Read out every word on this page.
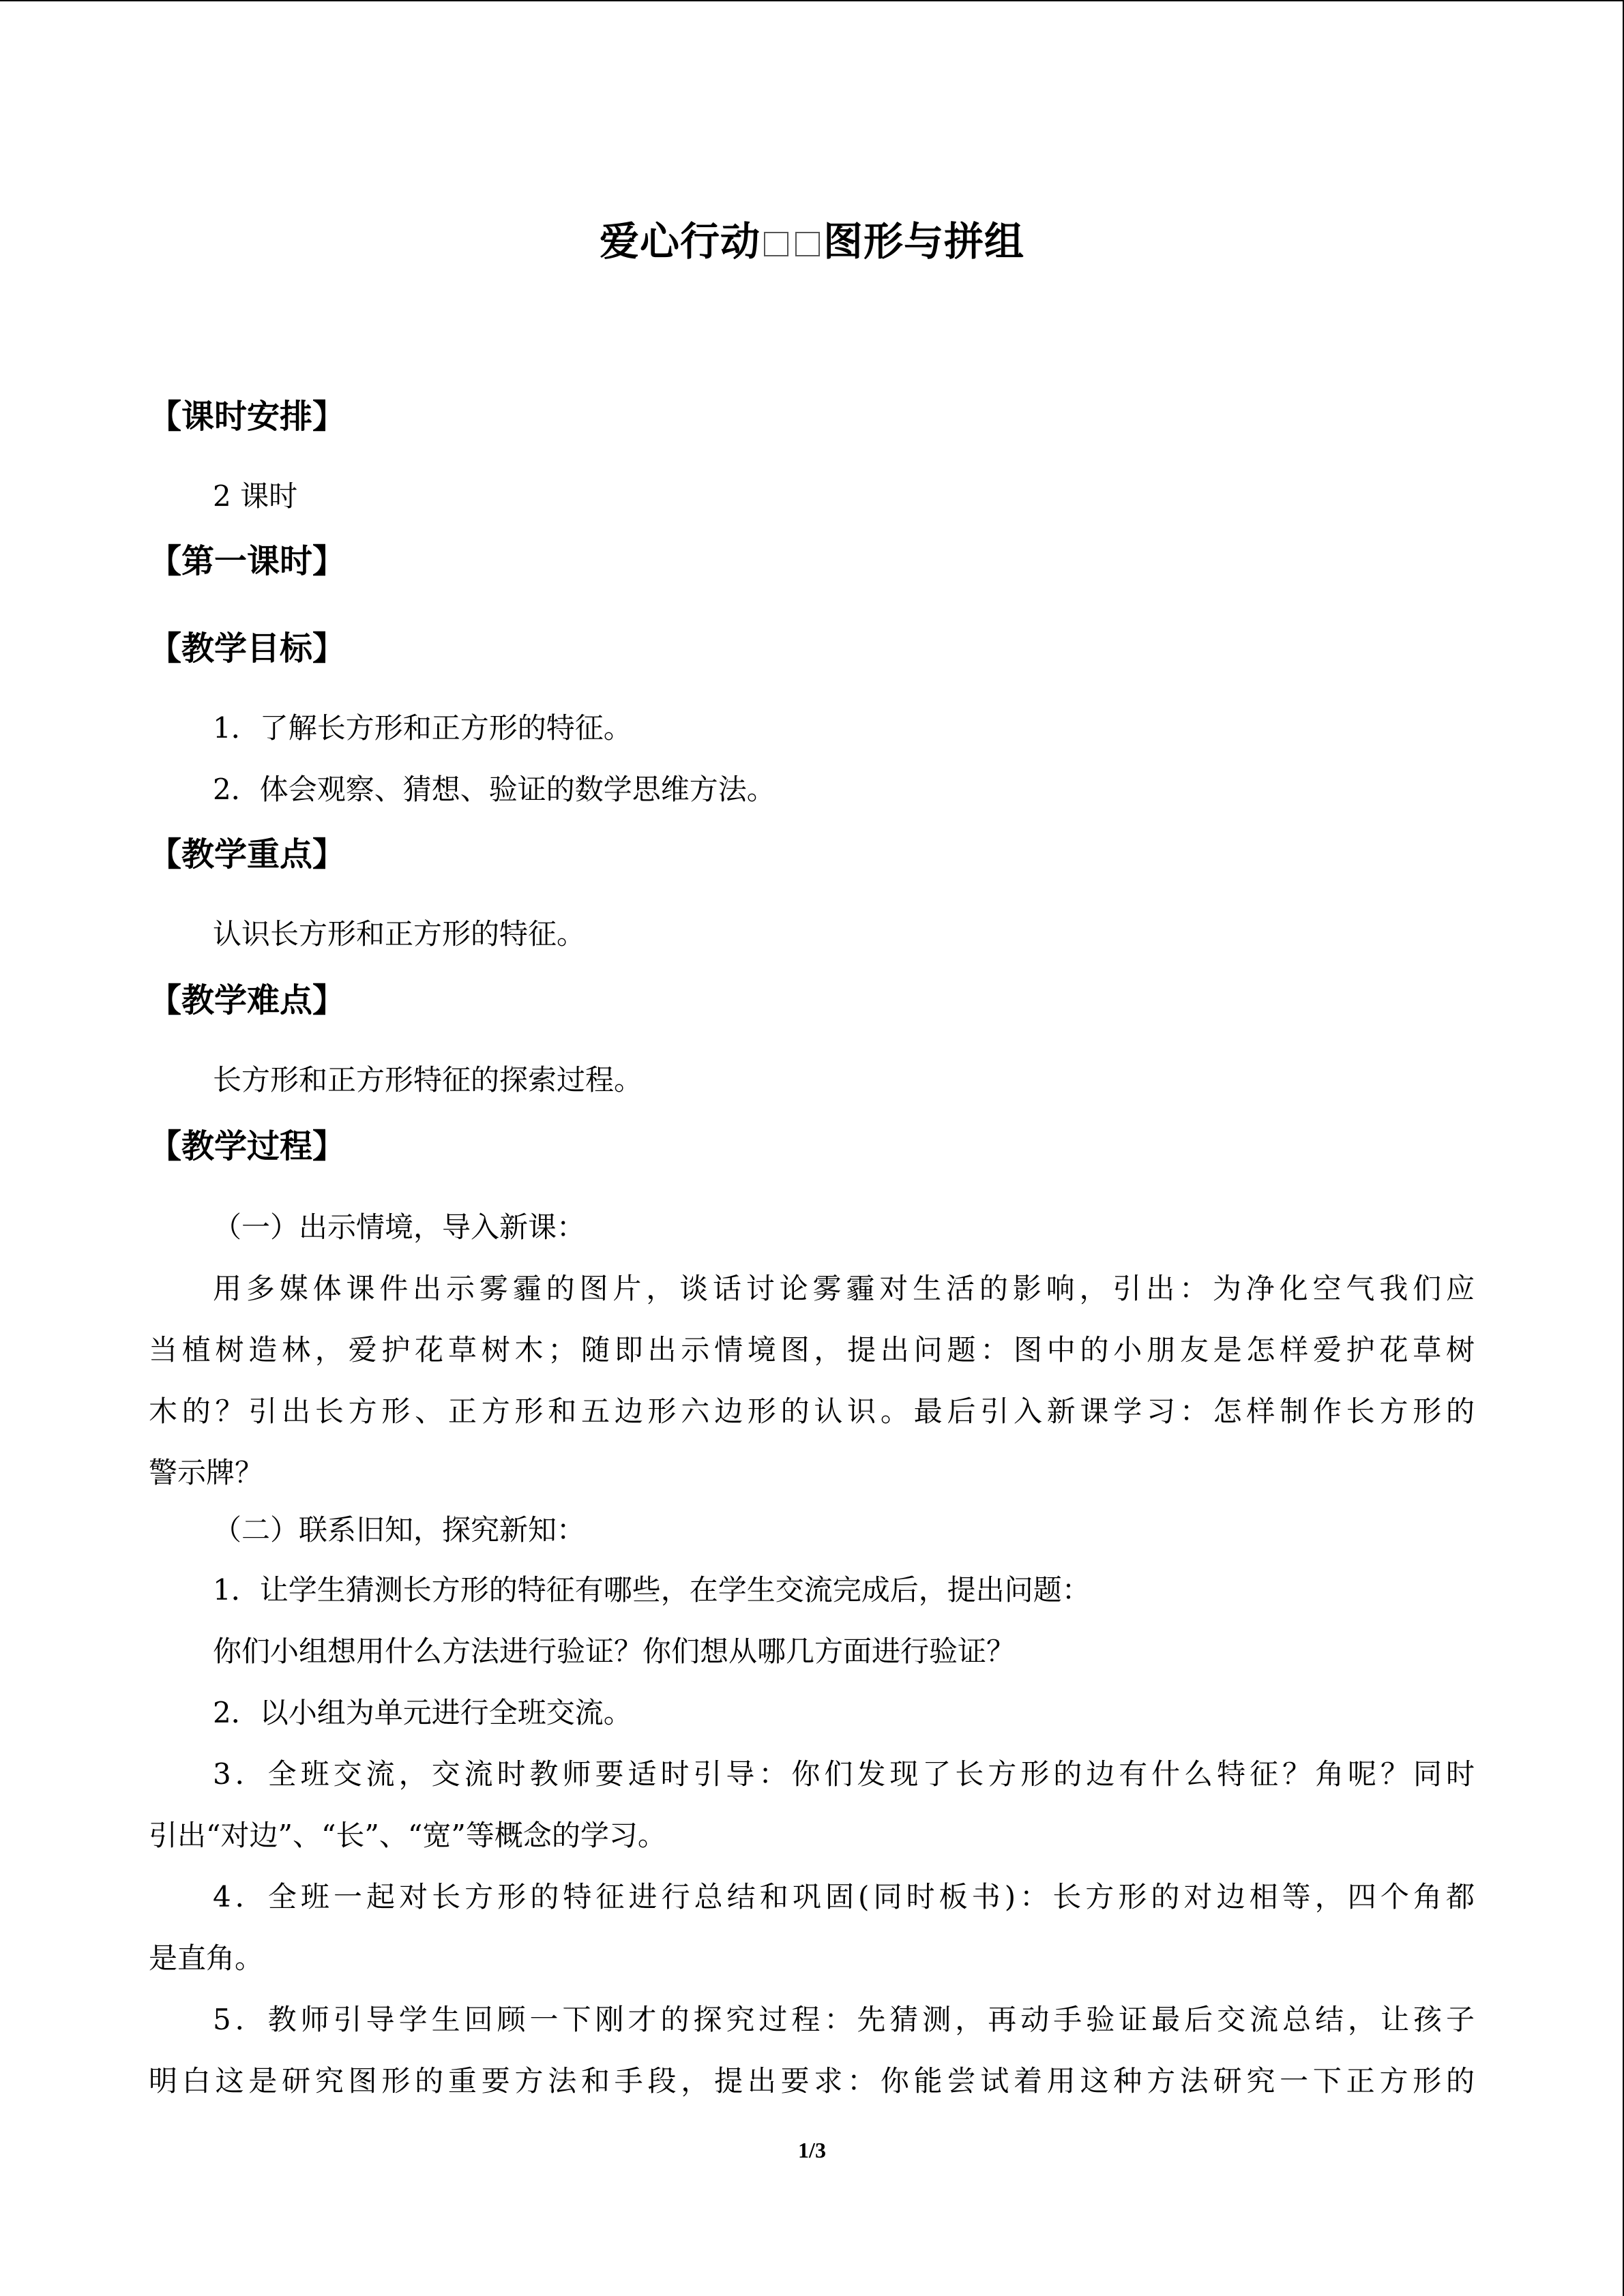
爱心行动 图形与拼组
【课时安排】
2 课时
【第一课时】
【教学目标】
1．了解长方形和正方形的特征。
2．体会观察、猜想、验证的数学思维方法。
【教学重点】
认识长方形和正方形的特征。
【教学难点】
长方形和正方形特征的探索过程。
【教学过程】
（一）出示情境，导入新课：
用多媒体课件出示雾霾的图片，谈话讨论雾霾对生活的影响，引出：为净化空气我们应
当植树造林，爱护花草树木；随即出示情境图，提出问题：图中的小朋友是怎样爱护花草树
木的？引出长方形、正方形和五边形六边形的认识。最后引入新课学习：怎样制作长方形的
警示牌？
（二）联系旧知，探究新知：
1．让学生猜测长方形的特征有哪些，在学生交流完成后，提出问题：
你们小组想用什么方法进行验证？你们想从哪几方面进行验证？
2．以小组为单元进行全班交流。
3．全班交流，交流时教师要适时引导：你们发现了长方形的边有什么特征？角呢？同时
引出“对边”、“长”、“宽”等概念的学习。
4．全班一起对长方形的特征进行总结和巩固(同时板书)：长方形的对边相等，四个角都
是直角。
5．教师引导学生回顾一下刚才的探究过程：先猜测，再动手验证最后交流总结，让孩子
明白这是研究图形的重要方法和手段，提出要求：你能尝试着用这种方法研究一下正方形的
1/3
